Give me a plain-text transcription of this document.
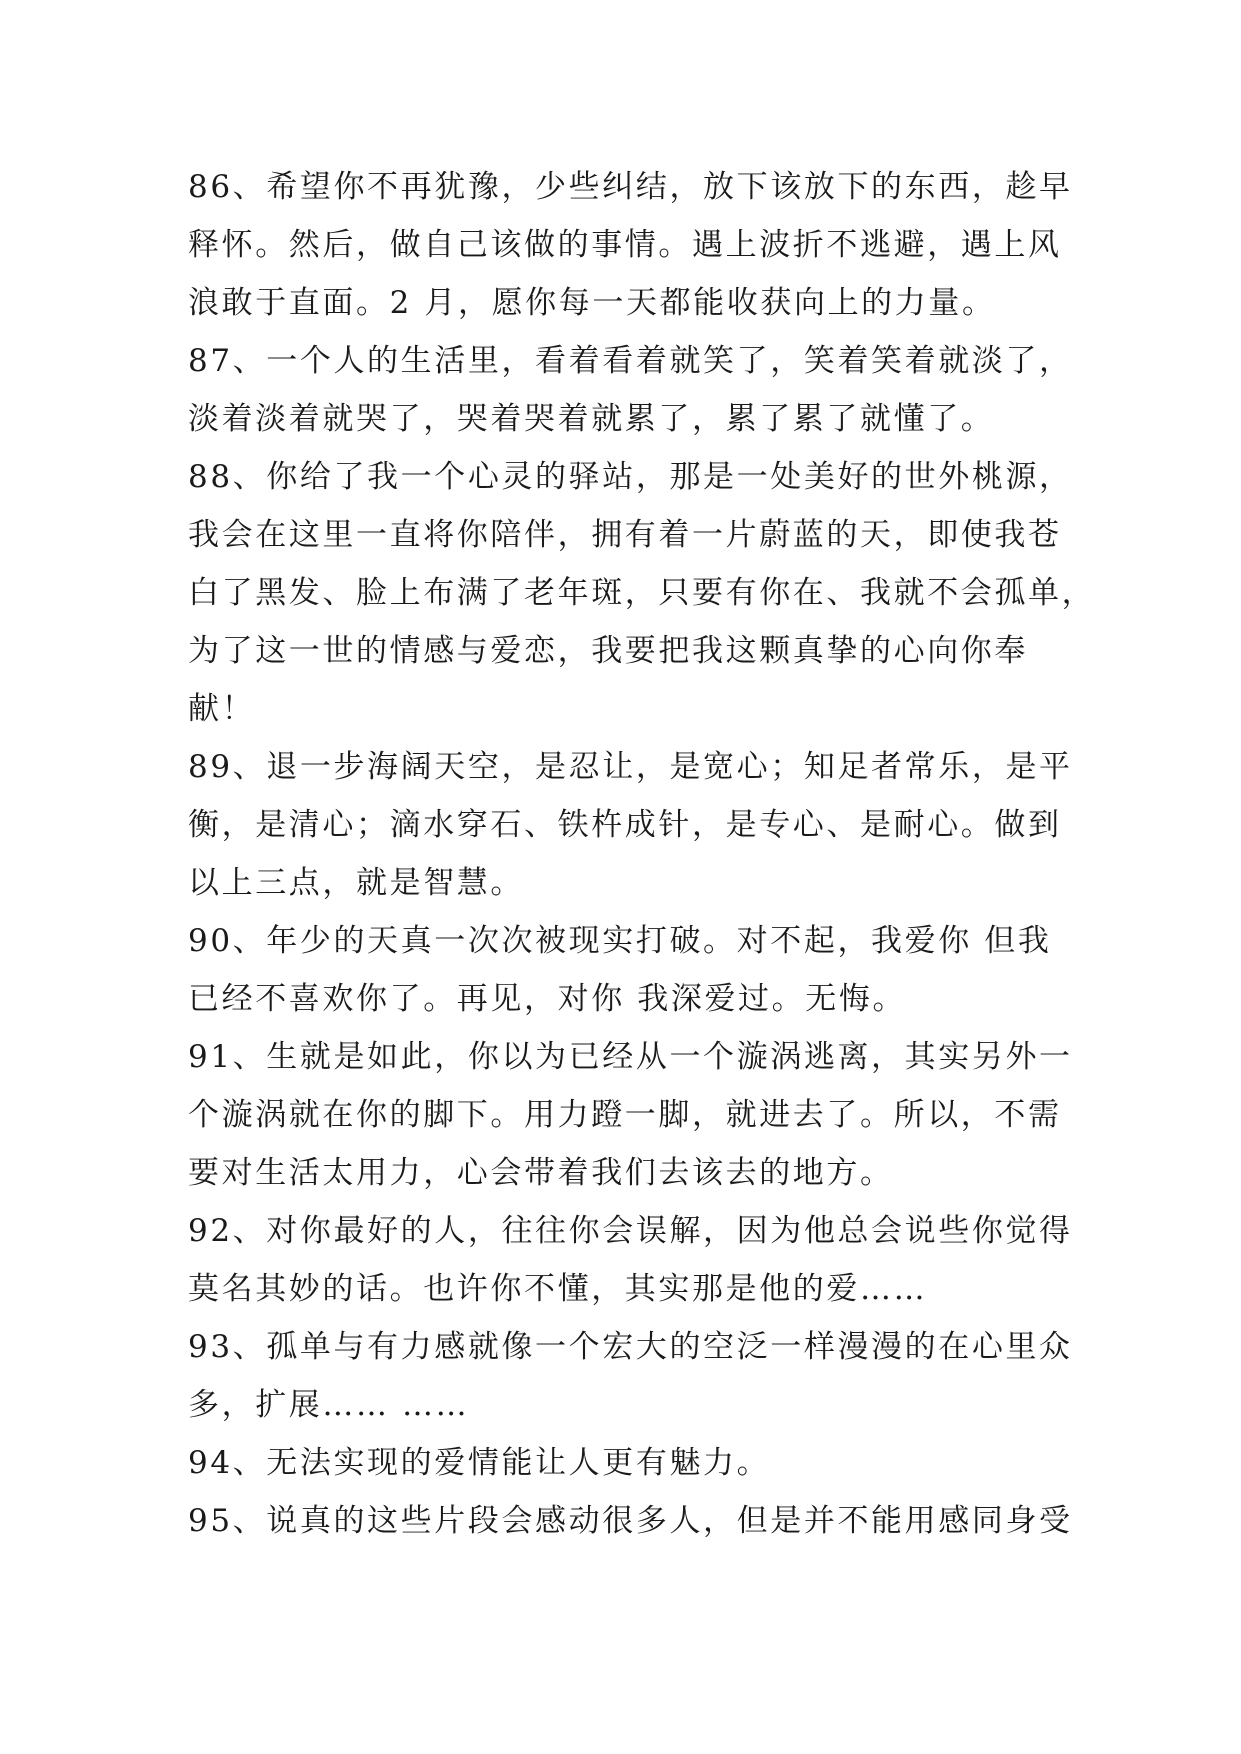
86、希望你不再犹豫，少些纠结，放下该放下的东西，趁早
释怀。然后，做自己该做的事情。遇上波折不逃避，遇上风
浪敢于直面。2 月，愿你每一天都能收获向上的力量。
87、一个人的生活里，看着看着就笑了，笑着笑着就淡了，
淡着淡着就哭了，哭着哭着就累了，累了累了就懂了。
88、你给了我一个心灵的驿站，那是一处美好的世外桃源，
我会在这里一直将你陪伴，拥有着一片蔚蓝的天，即使我苍
白了黑发、脸上布满了老年斑，只要有你在、我就不会孤单，
为了这一世的情感与爱恋，我要把我这颗真挚的心向你奉
献！
89、退一步海阔天空，是忍让，是宽心；知足者常乐，是平
衡，是清心；滴水穿石、铁杵成针，是专心、是耐心。做到
以上三点，就是智慧。
90、年少的天真一次次被现实打破。对不起，我爱你 但我
已经不喜欢你了。再见，对你 我深爱过。无悔。
91、生就是如此，你以为已经从一个漩涡逃离，其实另外一
个漩涡就在你的脚下。用力蹬一脚，就进去了。所以，不需
要对生活太用力，心会带着我们去该去的地方。
92、对你最好的人，往往你会误解，因为他总会说些你觉得
莫名其妙的话。也许你不懂，其实那是他的爱……
93、孤单与有力感就像一个宏大的空泛一样漫漫的在心里众
多，扩展…… ……
94、无法实现的爱情能让人更有魅力。
95、说真的这些片段会感动很多人，但是并不能用感同身受
